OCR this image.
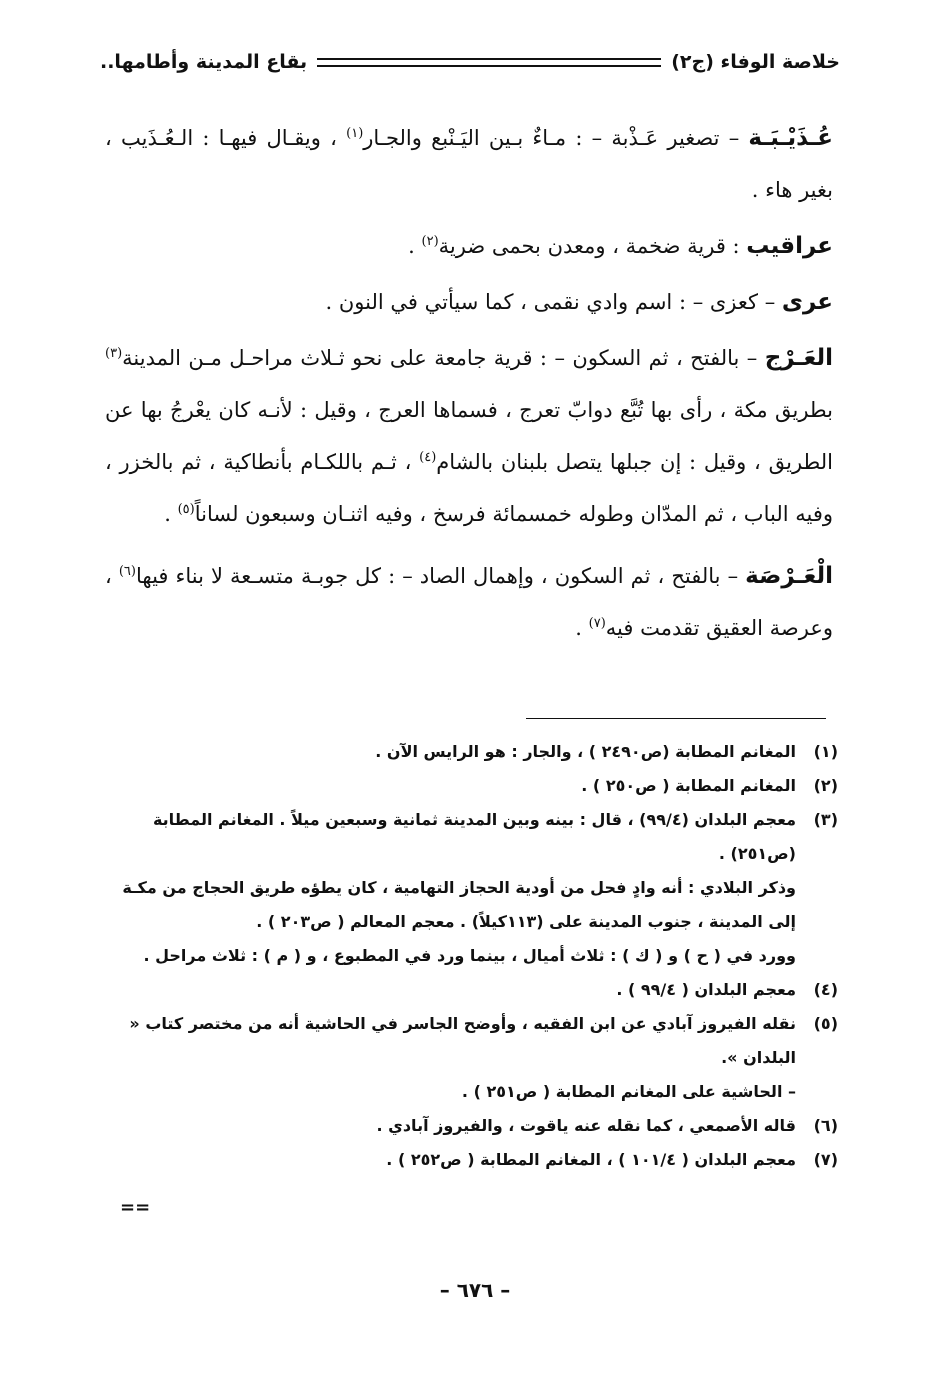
خلاصة الوفاء (ج٢)
بقاع المدينة وأطامها..

عُـذَيْـبَـة – تصغير عَـذْبة – : مـاءٌ بـين اليَـنْبع والجـار$^{(١)}$ ، ويقـال فيهـا : الـعُـذَيب ، بغير هاء .

عراقيب : قرية ضخمة ، ومعدن بحمى ضرية$^{(٢)}$ .

عرى – كعزى – : اسم وادي نقمى ، كما سيأتي في النون .

العَـرْج – بالفتح ، ثم السكون – : قرية جامعة على نحو ثـلاث مراحـل مـن المدينة$^{(٣)}$ بطريق مكة ، رأى بها تُبَّع دوابّ تعرج ، فسماها العرج ، وقيل : لأنـه كان يعْرجُ بها عن الطريق ، وقيل : إن جبلها يتصل بلبنان بالشام$^{(٤)}$ ، ثـم باللكـام بأنطاكية ، ثم بالخزر ، وفيه الباب ، ثم المدّان وطوله خمسمائة فرسخ ، وفيه اثنـان وسبعون لساناً$^{(٥)}$ .

الْعَـرْصَة – بالفتح ، ثم السكون ، وإهمال الصاد – : كل جوبـة متسـعة لا بناء فيها$^{(٦)}$ ، وعرصة العقيق تقدمت فيه$^{(٧)}$ .

(١)
المغانم المطابة (ص٢٤٩٠ ) ، والجار : هو الرايس الآن .
(٢)
المغانم المطابة ( ص٢٥٠ ) .
(٣)
معجم البلدان (٩٩/٤) ، قال : بينه وبين المدينة ثمانية وسبعين ميلاً . المغانم المطابة (ص٢٥١) .
وذكر البلادي : أنه وادٍ فحل من أودية الحجاز التهامية ، كان يطؤه طريق الحجاج من مكـة إلى المدينة ، جنوب المدينة على (١١٣كيلاً) . معجم المعالم ( ص٢٠٣ ) .
وورد في ( ح ) و ( ك ) : ثلاث أميال ، بينما ورد في المطبوع ، و ( م ) : ثلاث مراحل .
(٤)
معجم البلدان ( ٩٩/٤ ) .
(٥)
نقله الفيروز آبادي عن ابن الفقيه ، وأوضح الجاسر في الحاشية أنه من مختصر كتاب « البلدان ».
– الحاشية على المغانم المطابة ( ص٢٥١ ) .
(٦)
قاله الأصمعي ، كما نقله عنه ياقوت ، والفيروز آبادي .
(٧)
معجم البلدان ( ١٠١/٤ ) ، المغانم المطابة ( ص٢٥٢ ) .
==
– ٦٧٦ –
